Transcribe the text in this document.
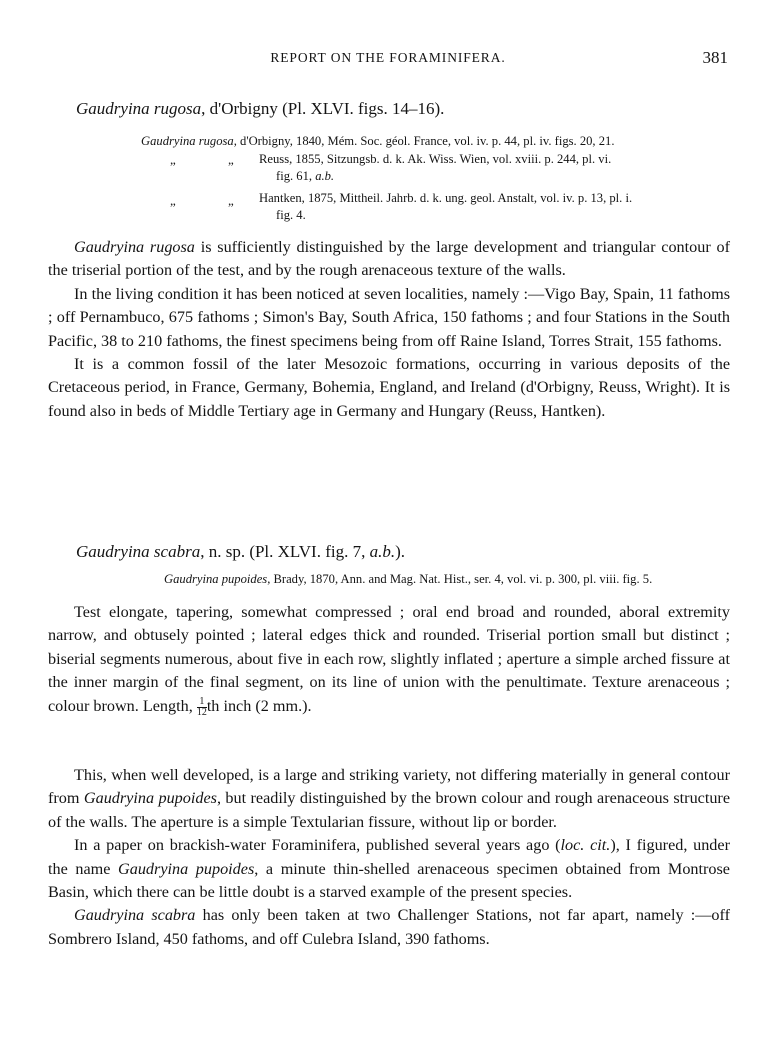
REPORT ON THE FORAMINIFERA.	381
Gaudryina rugosa, d'Orbigny (Pl. XLVI. figs. 14–16).
Gaudryina rugosa, d'Orbigny, 1840, Mém. Soc. géol. France, vol. iv. p. 44, pl. iv. figs. 20, 21.
„	„ Reuss, 1855, Sitzungsb. d. k. Ak. Wiss. Wien, vol. xviii. p. 244, pl. vi.
fig. 61, a.b.
„	„ Hantken, 1875, Mittheil. Jahrb. d. k. ung. geol. Anstalt, vol. iv. p. 13, pl. i.
fig. 4.

Gaudryina rugosa is sufficiently distinguished by the large development and triangular contour of the triserial portion of the test, and by the rough arenaceous texture of the walls.

In the living condition it has been noticed at seven localities, namely :—Vigo Bay, Spain, 11 fathoms ; off Pernambuco, 675 fathoms ; Simon's Bay, South Africa, 150 fathoms ; and four Stations in the South Pacific, 38 to 210 fathoms, the finest specimens being from off Raine Island, Torres Strait, 155 fathoms.

It is a common fossil of the later Mesozoic formations, occurring in various deposits of the Cretaceous period, in France, Germany, Bohemia, England, and Ireland (d'Orbigny, Reuss, Wright). It is found also in beds of Middle Tertiary age in Germany and Hungary (Reuss, Hantken).

Gaudryina scabra, n. sp. (Pl. XLVI. fig. 7, a.b.).
Gaudryina pupoides, Brady, 1870, Ann. and Mag. Nat. Hist., ser. 4, vol. vi. p. 300, pl. viii. fig. 5.

Test elongate, tapering, somewhat compressed ; oral end broad and rounded, aboral extremity narrow, and obtusely pointed ; lateral edges thick and rounded. Triserial portion small but distinct ; biserial segments numerous, about five in each row, slightly inflated ; aperture a simple arched fissure at the inner margin of the final segment, on its line of union with the penultimate. Texture arenaceous ; colour brown. Length, $\frac{1}{12}$ th inch (2 mm.).

This, when well developed, is a large and striking variety, not differing materially in general contour from Gaudryina pupoides, but readily distinguished by the brown colour and rough arenaceous structure of the walls. The aperture is a simple Textularian fissure, without lip or border.

In a paper on brackish-water Foraminifera, published several years ago (loc. cit.), I figured, under the name Gaudryina pupoides, a minute thin-shelled arenaceous specimen obtained from Montrose Basin, which there can be little doubt is a starved example of the present species.

Gaudryina scabra has only been taken at two Challenger Stations, not far apart, namely :—off Sombrero Island, 450 fathoms, and off Culebra Island, 390 fathoms.
